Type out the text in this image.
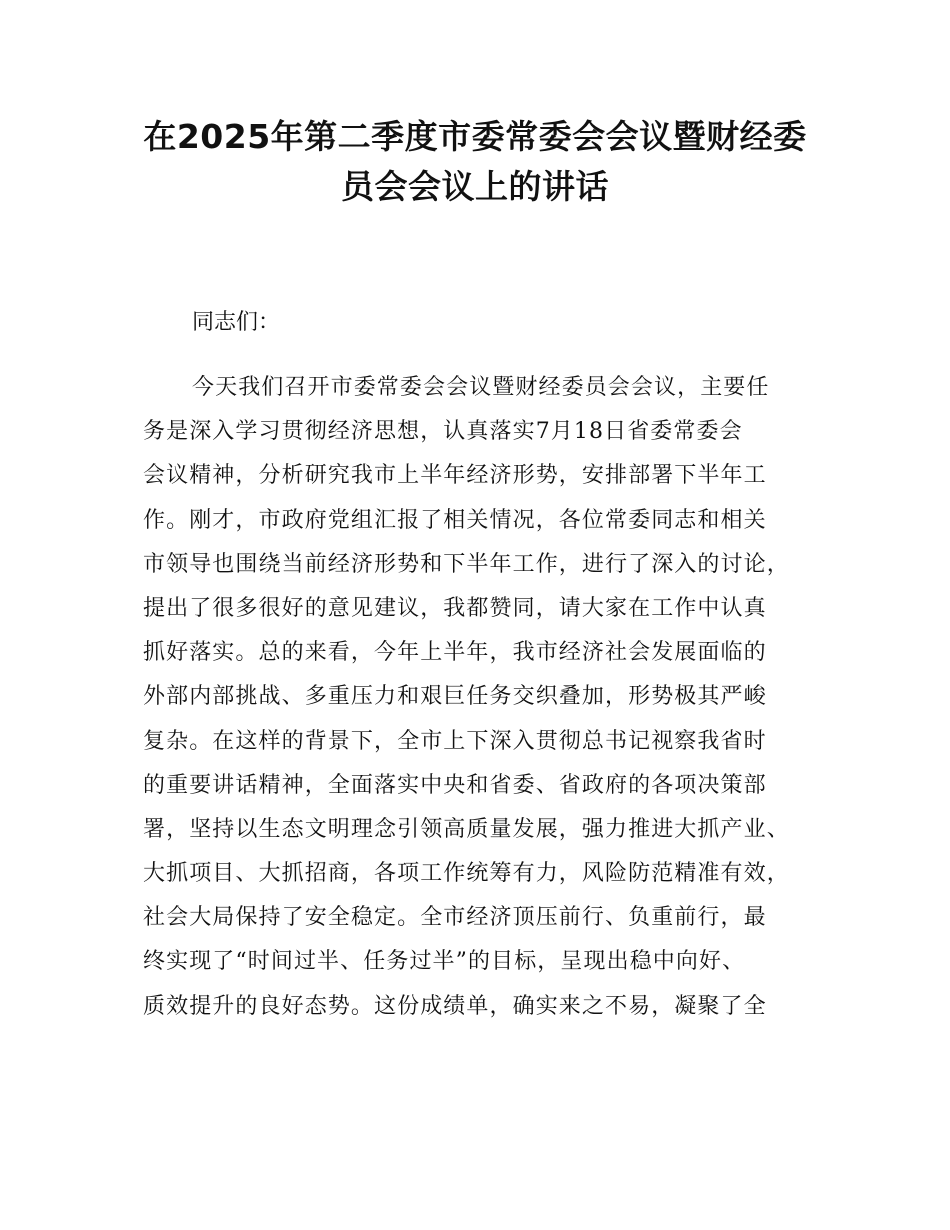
在2025年第二季度市委常委会会议暨财经委
员会会议上的讲话

同志们：

今天我们召开市委常委会会议暨财经委员会会议，主要任
务是深入学习贯彻经济思想，认真落实7月18日省委常委会
会议精神，分析研究我市上半年经济形势，安排部署下半年工
作。刚才，市政府党组汇报了相关情况，各位常委同志和相关
市领导也围绕当前经济形势和下半年工作，进行了深入的讨论，
提出了很多很好的意见建议，我都赞同，请大家在工作中认真
抓好落实。总的来看，今年上半年，我市经济社会发展面临的
外部内部挑战、多重压力和艰巨任务交织叠加，形势极其严峻
复杂。在这样的背景下，全市上下深入贯彻总书记视察我省时
的重要讲话精神，全面落实中央和省委、省政府的各项决策部
署，坚持以生态文明理念引领高质量发展，强力推进大抓产业、
大抓项目、大抓招商，各项工作统筹有力，风险防范精准有效，
社会大局保持了安全稳定。全市经济顶压前行、负重前行，最
终实现了“时间过半、任务过半”的目标，呈现出稳中向好、
质效提升的良好态势。这份成绩单，确实来之不易，凝聚了全
